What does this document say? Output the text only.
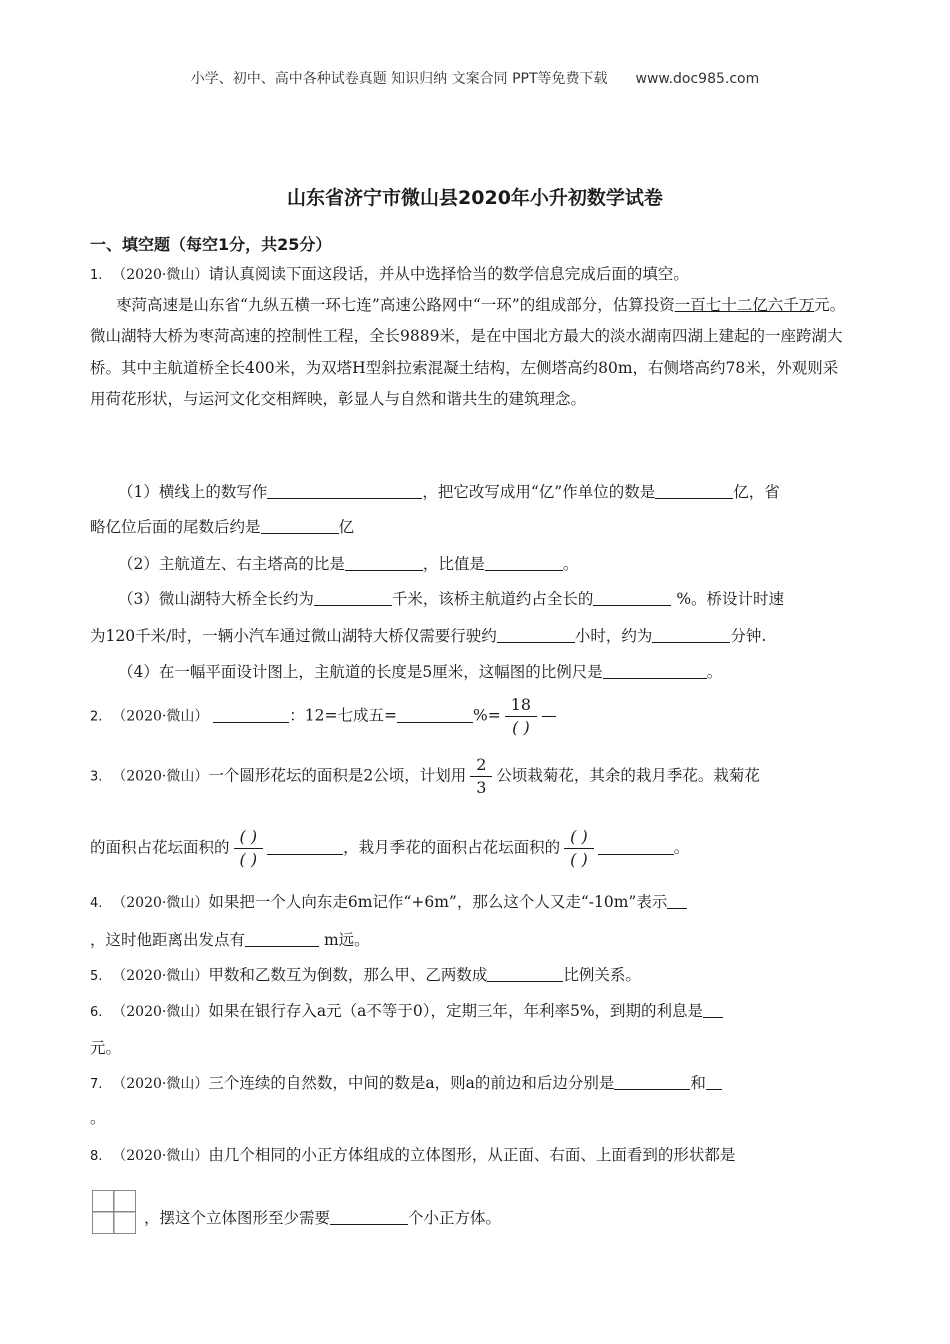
小学、初中、高中各种试卷真题 知识归纳 文案合同 PPT等免费下载 www.doc985.com
山东省济宁市微山县2020年小升初数学试卷
一、填空题（每空1分，共25分）
1. （2020·微山）请认真阅读下面这段话，并从中选择恰当的数学信息完成后面的填空。
枣菏高速是山东省“九纵五横一环七连”高速公路网中“一环”的组成部分，估算投资一百七十二亿六千万元。微山湖特大桥为枣菏高速的控制性工程，全长9889米，是在中国北方最大的淡水湖南四湖上建起的一座跨湖大桥。其中主航道桥全长400米，为双塔H型斜拉索混凝土结构，左侧塔高约80m，右侧塔高约78米，外观则采用荷花形状，与运河文化交相辉映，彰显人与自然和谐共生的建筑理念。
（1）横线上的数写作	，把它改写成用“亿”作单位的数是	亿，省
略亿位后面的尾数后约是	亿
（2）主航道左、右主塔高的比是	，比值是	。
（3）微山湖特大桥全长约为	千米，该桥主航道约占全长的	%。桥设计时速
为120千米/时，一辆小汽车通过微山湖特大桥仅需要行驶约	小时，约为	分钟.
（4）在一幅平面设计图上，主航道的长度是5厘米，这幅图的比例尺是	。
2. （2020·微山）	：12=七成五=	%= $\frac{18}{( )}$ —
3. （2020·微山）一个圆形花坛的面积是2公顷，计划用 $\frac{2}{3}$ 公顷栽菊花，其余的栽月季花。栽菊花
的面积占花坛面积的 $\frac{( )}{( )}$	，栽月季花的面积占花坛面积的 $\frac{( )}{( )}$	。
4. （2020·微山）如果把一个人向东走6m记作“+6m”，那么这个人又走“-10m”表示
，这时他距离出发点有	m远。
5. （2020·微山）甲数和乙数互为倒数，那么甲、乙两数成	比例关系。
6. （2020·微山）如果在银行存入a元（a不等于0），定期三年，年利率5%，到期的利息是
元。
7. （2020·微山）三个连续的自然数，中间的数是a，则a的前边和后边分别是	和
。
8. （2020·微山）由几个相同的小正方体组成的立体图形，从正面、右面、上面看到的形状都是
，摆这个立体图形至少需要	个小正方体。
